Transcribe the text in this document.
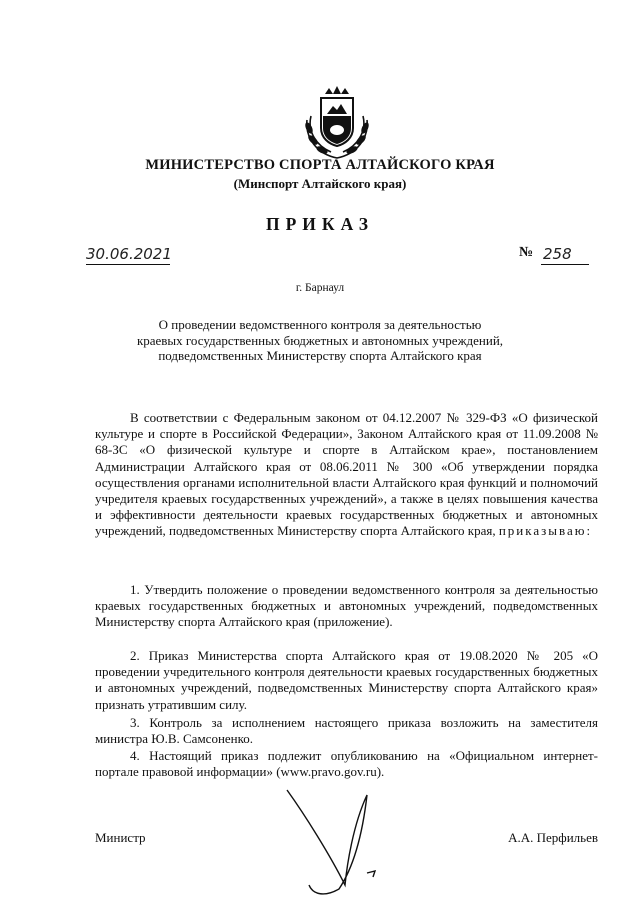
МИНИСТЕРСТВО СПОРТА АЛТАЙСКОГО КРАЯ
(Минспорт Алтайского края)
ПРИКАЗ
30.06.2021	№ 258
г. Барнаул
О проведении ведомственного контроля за деятельностью
краевых государственных бюджетных и автономных учреждений,
подведомственных Министерству спорта Алтайского края
В соответствии с Федеральным законом от 04.12.2007 № 329-ФЗ «О физической культуре и спорте в Российской Федерации», Законом Алтайского края от 11.09.2008 № 68-ЗС «О физической культуре и спорте в Алтайском крае», постановлением Администрации Алтайского края от 08.06.2011 № 300 «Об утверждении порядка осуществления органами исполнительной власти Алтайского края функций и полномочий учредителя краевых государственных учреждений», а также в целях повышения качества и эффективности деятельности краевых государственных бюджетных и автономных учреждений, подведомственных Министерству спорта Алтайского края, приказываю:
1. Утвердить положение о проведении ведомственного контроля за деятельностью краевых государственных бюджетных и автономных учреждений, подведомственных Министерству спорта Алтайского края (приложение).
2. Приказ Министерства спорта Алтайского края от 19.08.2020 № 205 «О проведении учредительного контроля деятельности краевых государственных бюджетных и автономных учреждений, подведомственных Министерству спорта Алтайского края» признать утратившим силу.
3. Контроль за исполнением настоящего приказа возложить на заместителя министра Ю.В. Самсоненко.
4. Настоящий приказ подлежит опубликованию на «Официальном интернет-портале правовой информации» (www.pravo.gov.ru).
Министр	А.А. Перфильев
